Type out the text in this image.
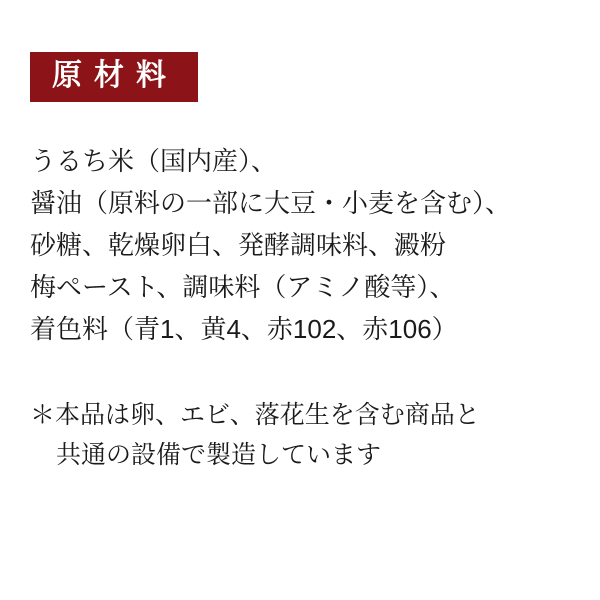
原材料
うるち米（国内産）、
醤油（原料の一部に大豆・小麦を含む）、
砂糖、乾燥卵白、発酵調味料、澱粉
梅ペースト、調味料（アミノ酸等）、
着色料（青1、黄4、赤102、赤106）
＊本品は卵、エビ、落花生を含む商品と
共通の設備で製造しています
